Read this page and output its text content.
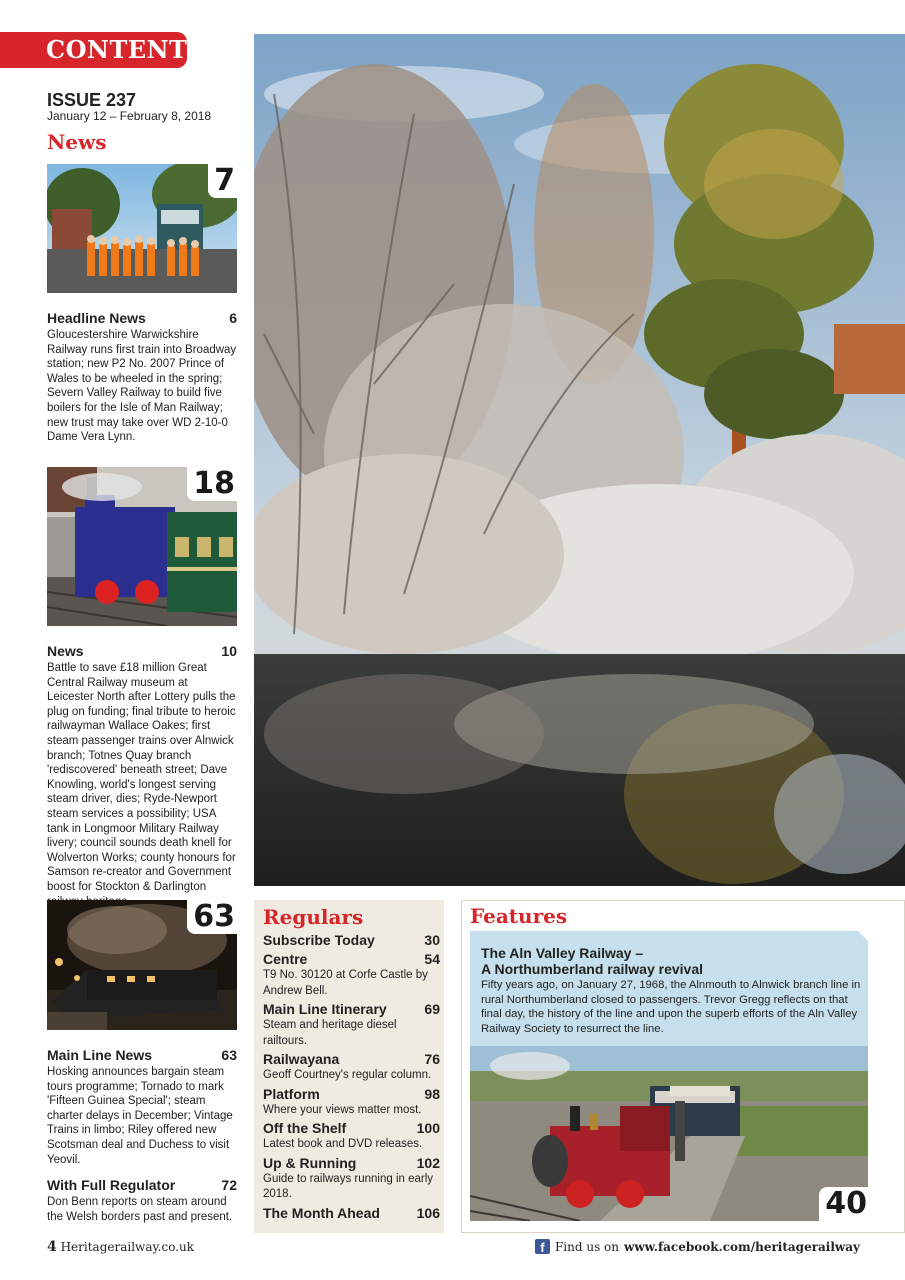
CONTENTS
ISSUE 237
January 12 – February 8, 2018
News
7
Headline News	6
Gloucestershire Warwickshire Railway runs first train into Broadway station; new P2 No. 2007 Prince of Wales to be wheeled in the spring; Severn Valley Railway to build five boilers for the Isle of Man Railway; new trust may take over WD 2-10-0 Dame Vera Lynn.
18
News	10
Battle to save £18 million Great Central Railway museum at Leicester North after Lottery pulls the plug on funding; final tribute to heroic railwayman Wallace Oakes; first steam passenger trains over Alnwick branch; Totnes Quay branch 'rediscovered' beneath street; Dave Knowling, world's longest serving steam driver, dies; Ryde-Newport steam services a possibility; USA tank in Longmoor Military Railway livery; council sounds death knell for Wolverton Works; county honours for Samson re-creator and Government boost for Stockton & Darlington
63
Main Line News	63
Hosking announces bargain steam tours programme; Tornado to mark 'Fifteen Guinea Special'; steam charter delays in December; Vintage Trains in limbo; Riley offered new Scotsman deal and Duchess to visit Yeovil.
With Full Regulator	72
Don Benn reports on steam around the Welsh borders past and present.
Regulars
Subscribe Today	30
Centre	54
T9 No. 30120 at Corfe Castle by Andrew Bell.
Main Line Itinerary	69
Steam and heritage diesel railtours.
Railwayana	76
Geoff Courtney's regular column.
Platform	98
Where your views matter most.
Off the Shelf	100
Latest book and DVD releases.
Up & Running	102
Guide to railways running in early 2018.
The Month Ahead	106
Features
The Aln Valley Railway –
A Northumberland railway revival
Fifty years ago, on January 27, 1968, the Alnmouth to Alnwick branch line in rural Northumberland closed to passengers. Trevor Gregg reflects on that final day, the history of the line and upon the superb efforts of the Aln Valley Railway Society to resurrect the line.
40
4 Heritagerailway.co.uk	f Find us on www.facebook.com/heritagerailway
